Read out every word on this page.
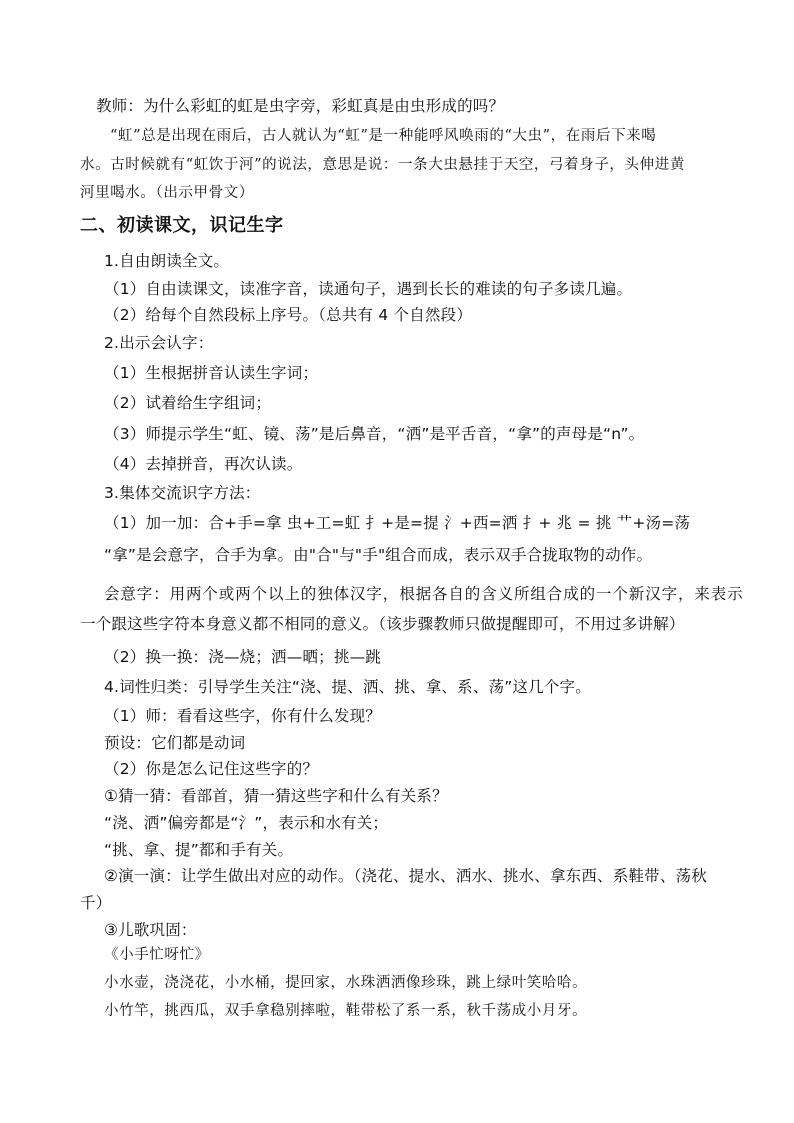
教师：为什么彩虹的虹是虫字旁，彩虹真是由虫形成的吗？
“虹”总是出现在雨后，古人就认为“虹”是一种能呼风唤雨的“大虫”，在雨后下来喝
水。古时候就有“虹饮于河”的说法，意思是说：一条大虫悬挂于天空，弓着身子，头伸进黄
河里喝水。（出示甲骨文）
二、初读课文，识记生字
1.自由朗读全文。
（1）自由读课文，读准字音，读通句子，遇到长长的难读的句子多读几遍。
（2）给每个自然段标上序号。（总共有 4 个自然段）
2.出示会认字：
（1）生根据拼音认读生字词；
（2）试着给生字组词；
（3）师提示学生“虹、镜、荡”是后鼻音，“洒”是平舌音，“拿”的声母是“n”。
（4）去掉拼音，再次认读。
3.集体交流识字方法：
（1）加一加：合+手=拿 虫+工=虹 扌+是=提 氵+西=洒 扌+ 兆 = 挑 艹+汤=荡
“拿”是会意字，合手为拿。由"合"与"手"组合而成，表示双手合拢取物的动作。
会意字：用两个或两个以上的独体汉字，根据各自的含义所组合成的一个新汉字，来表示
一个跟这些字符本身意义都不相同的意义。（该步骤教师只做提醒即可，不用过多讲解）
（2）换一换：浇—烧；洒—晒；挑—跳
4.词性归类：引导学生关注“浇、提、洒、挑、拿、系、荡”这几个字。
（1）师：看看这些字，你有什么发现？
预设：它们都是动词
（2）你是怎么记住这些字的？
①猜一猜：看部首，猜一猜这些字和什么有关系？
“浇、洒”偏旁都是“氵”，表示和水有关；
“挑、拿、提”都和手有关。
②演一演：让学生做出对应的动作。（浇花、提水、洒水、挑水、拿东西、系鞋带、荡秋
千）
③儿歌巩固：
《小手忙呀忙》
小水壶，浇浇花，小水桶，提回家，水珠洒洒像珍珠，跳上绿叶笑哈哈。
小竹竿，挑西瓜，双手拿稳别摔啦，鞋带松了系一系，秋千荡成小月牙。
